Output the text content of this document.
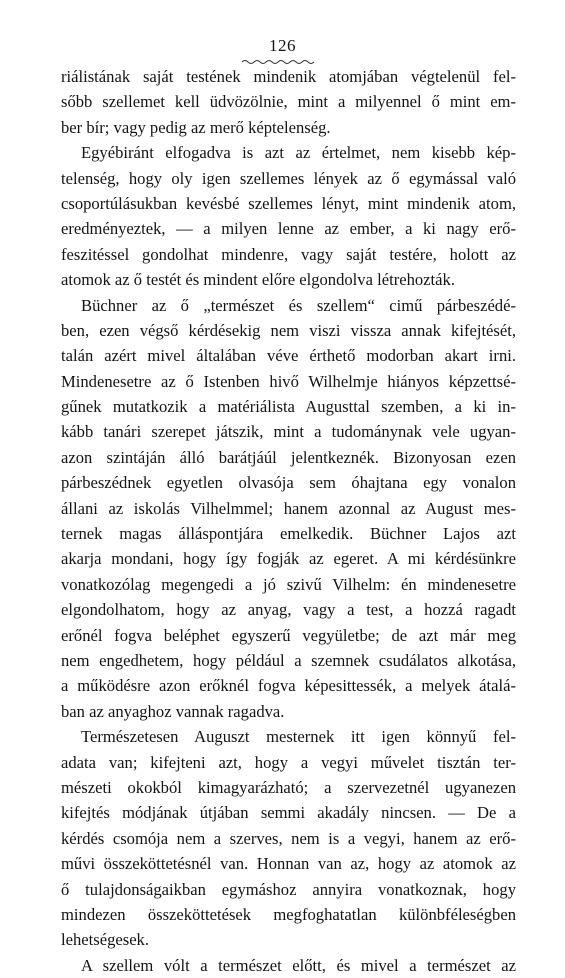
126
riálistának saját testének mindenik atomjában végtelenül fel-
sőbb szellemet kell üdvözölnie, mint a milyennel ő mint em-
ber bír; vagy pedig az merő képtelenség.
Egyébiránt elfogadva is azt az értelmet, nem kisebb kép-
telenség, hogy oly igen szellemes lények az ő egymással való
csoportúlásukban kevésbé szellemes lényt, mint mindenik atom,
eredményeztek, — a milyen lenne az ember, a ki nagy erő-
feszitéssel gondolhat mindenre, vagy saját testére, holott az
atomok az ő testét és mindent előre elgondolva létrehozták.
Büchner az ő „természet és szellem“ cimű párbeszédé-
ben, ezen végső kérdésekig nem viszi vissza annak kifejtését,
talán azért mivel általában véve érthető modorban akart irni.
Mindenesetre az ő Istenben hivő Wilhelmje hiányos képzettsé-
gűnek mutatkozik a matériálista Augusttal szemben, a ki in-
kább tanári szerepet játszik, mint a tudománynak vele ugyan-
azon szintáján álló barátjáúl jelentkeznék. Bizonyosan ezen
párbeszédnek egyetlen olvasója sem óhajtana egy vonalon
állani az iskolás Vilhelmmel; hanem azonnal az August mes-
ternek magas álláspontjára emelkedik. Büchner Lajos azt
akarja mondani, hogy így fogják az egeret. A mi kérdésünkre
vonatkozólag megengedi a jó szivű Vilhelm: én mindenesetre
elgondolhatom, hogy az anyag, vagy a test, a hozzá ragadt
erőnél fogva beléphet egyszerű vegyületbe; de azt már meg
nem engedhetem, hogy például a szemnek csudálatos alkotása,
a működésre azon erőknél fogva képesittessék, a melyek átalá-
ban az anyaghoz vannak ragadva.
Természetesen Auguszt mesternek itt igen könnyű fel-
adata van; kifejteni azt, hogy a vegyi művelet tisztán ter-
mészeti okokból kimagyarázható; a szervezetnél ugyanezen
kifejtés módjának útjában semmi akadály nincsen. — De a
kérdés csomója nem a szerves, nem is a vegyi, hanem az erő-
művi összeköttetésnél van. Honnan van az, hogy az atomok az
ő tulajdonságaikban egymáshoz annyira vonatkoznak, hogy
mindezen összeköttetések megfoghatatlan különbféleségben
lehetségesek.
A szellem vólt a természet előtt, és mivel a természet az
